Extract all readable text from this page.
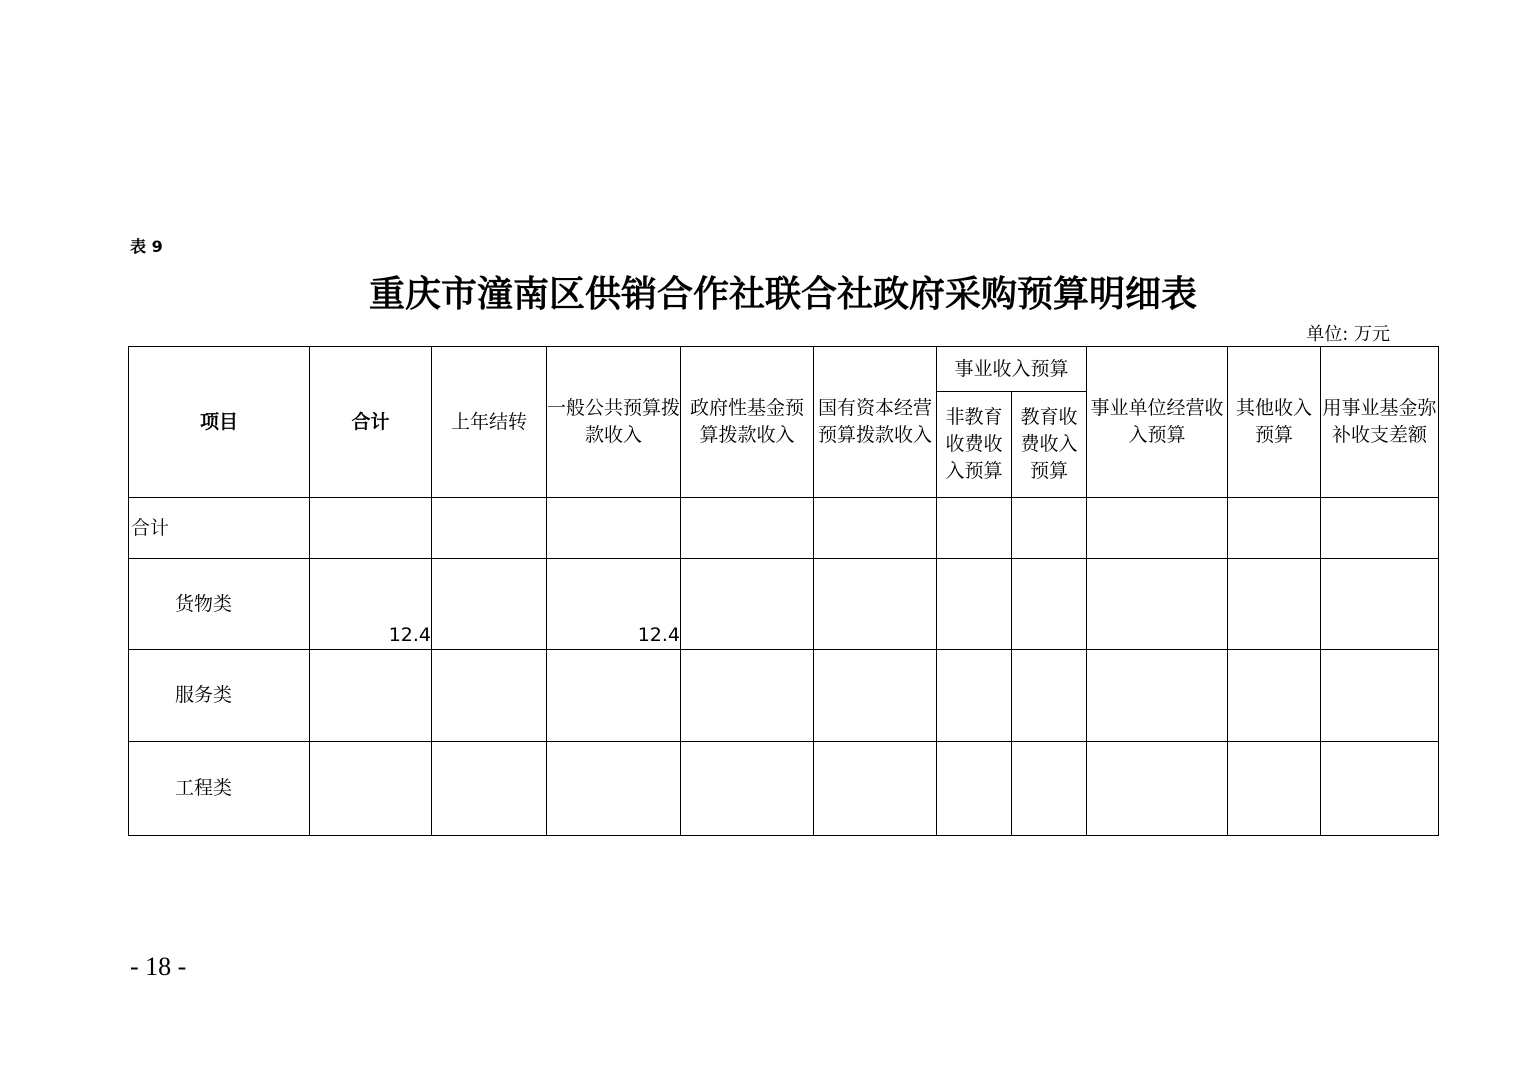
表 9
重庆市潼南区供销合作社联合社政府采购预算明细表
单位: 万元
项目	合计	上年结转	一般公共预算拨款收入	政府性基金预算拨款收入	国有资本经营预算拨款收入	事业收入预算		事业单位经营收入预算	其他收入预算	用事业基金弥补收支差额
						非教育收费收入预算	教育收费收入预算			
合计										
货物类	12.4		12.4							
服务类										
工程类										
- 18 -
